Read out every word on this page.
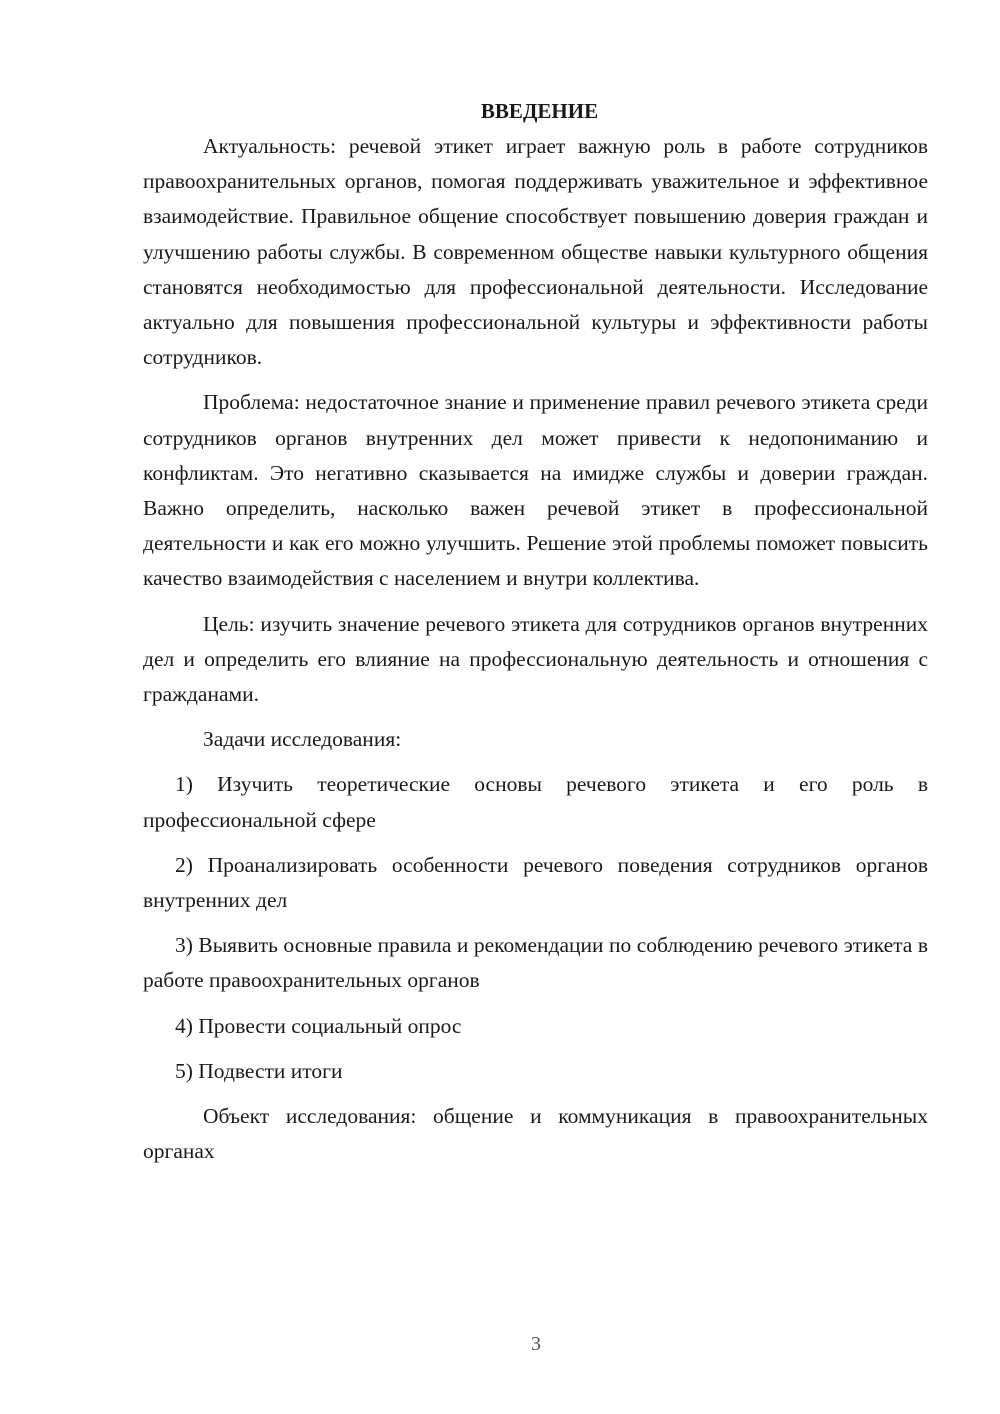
ВВЕДЕНИЕ

Актуальность: речевой этикет играет важную роль в работе сотрудников правоохранительных органов, помогая поддерживать уважительное и эффективное взаимодействие. Правильное общение способствует повышению доверия граждан и улучшению работы службы. В современном обществе навыки культурного общения становятся необходимостью для профессиональной деятельности. Исследование актуально для повышения профессиональной культуры и эффективности работы сотрудников.

Проблема: недостаточное знание и применение правил речевого этикета среди сотрудников органов внутренних дел может привести к недопониманию и конфликтам. Это негативно сказывается на имидже службы и доверии граждан. Важно определить, насколько важен речевой этикет в профессиональной деятельности и как его можно улучшить. Решение этой проблемы поможет повысить качество взаимодействия с населением и внутри коллектива.

Цель: изучить значение речевого этикета для сотрудников органов внутренних дел и определить его влияние на профессиональную деятельность и отношения с гражданами.

Задачи исследования:

1) Изучить теоретические основы речевого этикета и его роль в профессиональной сфере

2) Проанализировать особенности речевого поведения сотрудников органов внутренних дел

3) Выявить основные правила и рекомендации по соблюдению речевого этикета в работе правоохранительных органов

4) Провести социальный опрос

5) Подвести итоги

Объект исследования: общение и коммуникация в правоохранительных органах

3
